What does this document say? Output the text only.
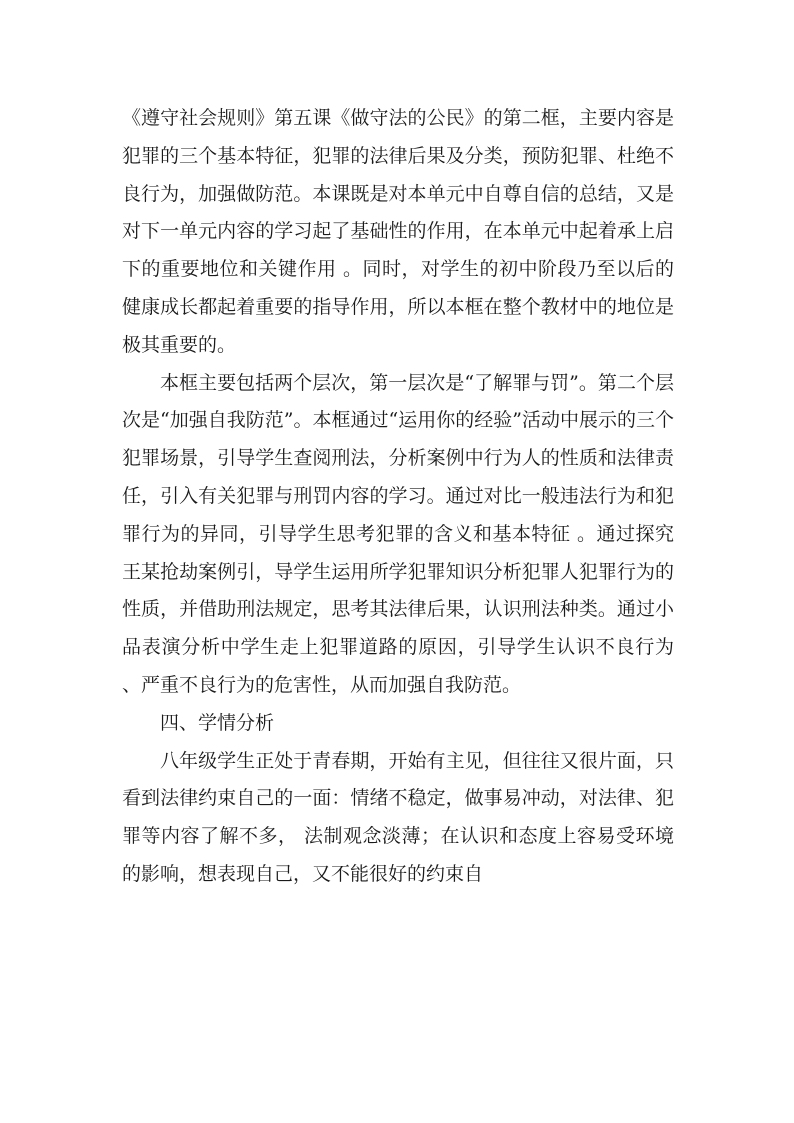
《遵守社会规则》第五课《做守法的公民》的第二框，主要内容是犯罪的三个基本特征，犯罪的法律后果及分类，预防犯罪、杜绝不良行为，加强做防范。本课既是对本单元中自尊自信的总结，又是对下一单元内容的学习起了基础性的作用，在本单元中起着承上启下的重要地位和关键作用 。同时，对学生的初中阶段乃至以后的健康成长都起着重要的指导作用，所以本框在整个教材中的地位是极其重要的。

本框主要包括两个层次，第一层次是“了解罪与罚”。第二个层次是“加强自我防范”。本框通过“运用你的经验”活动中展示的三个犯罪场景，引导学生查阅刑法，分析案例中行为人的性质和法律责任，引入有关犯罪与刑罚内容的学习。通过对比一般违法行为和犯罪行为的异同，引导学生思考犯罪的含义和基本特征 。通过探究王某抢劫案例引，导学生运用所学犯罪知识分析犯罪人犯罪行为的性质，并借助刑法规定，思考其法律后果，认识刑法种类。通过小品表演分析中学生走上犯罪道路的原因，引导学生认识不良行为 、严重不良行为的危害性，从而加强自我防范。

四、学情分析

八年级学生正处于青春期，开始有主见，但往往又很片面，只看到法律约束自己的一面：情绪不稳定，做事易冲动，对法律、犯罪等内容了解不多， 法制观念淡薄；在认识和态度上容易受环境的影响，想表现自己，又不能很好的约束自
